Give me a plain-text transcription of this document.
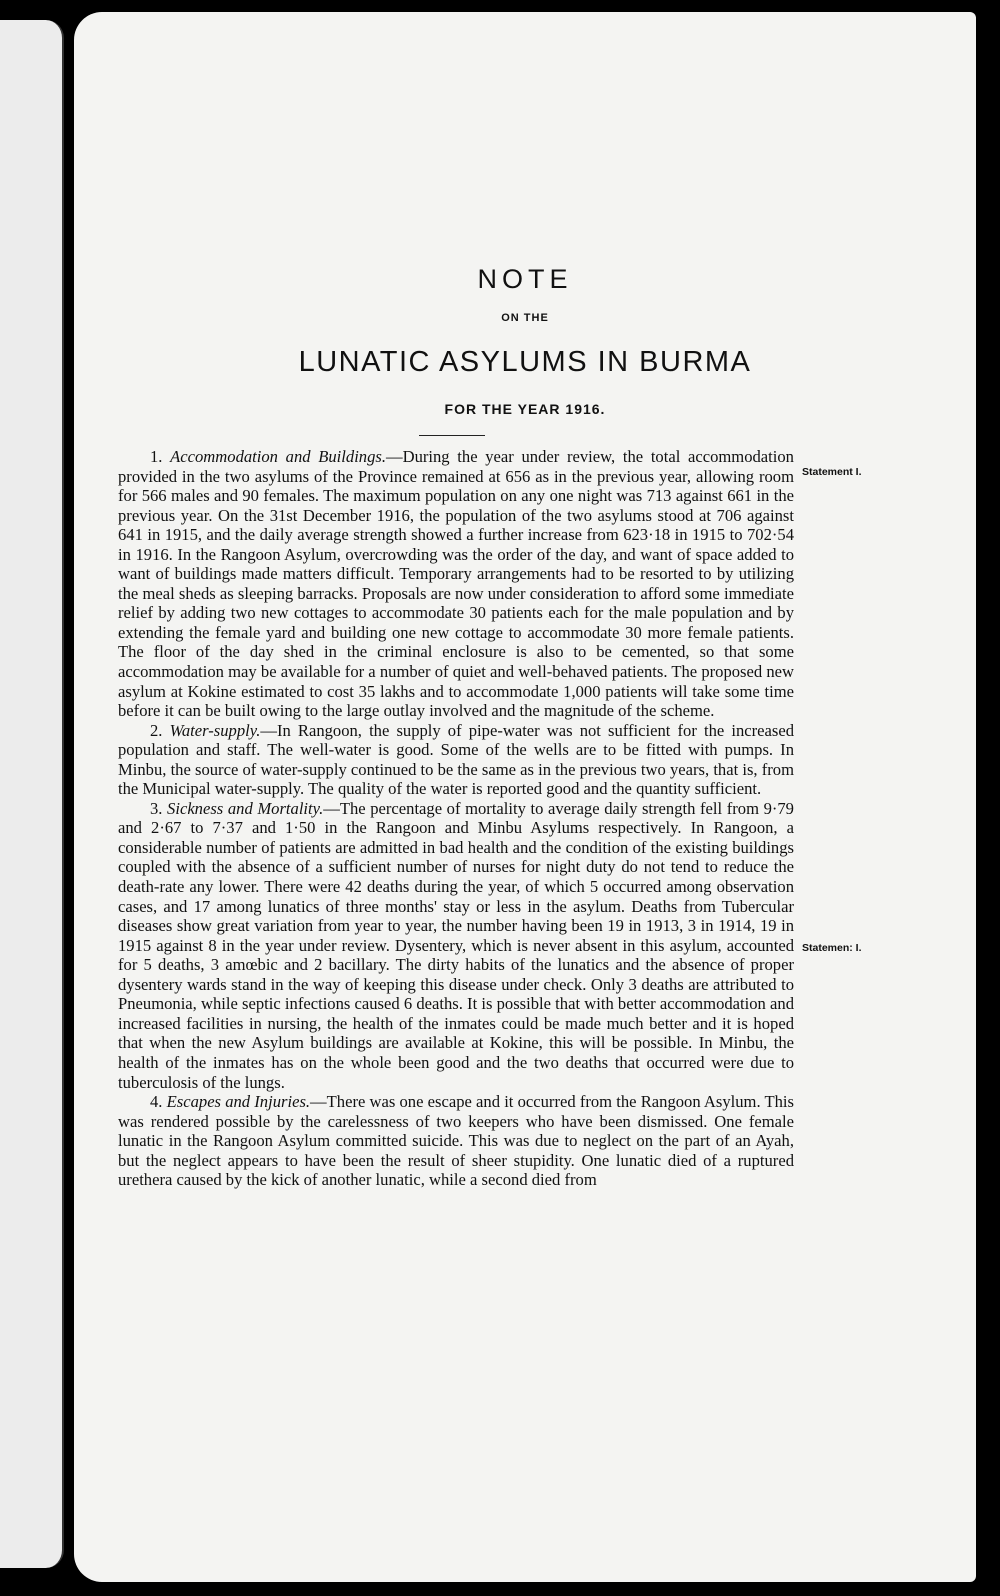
NOTE
ON THE
LUNATIC ASYLUMS IN BURMA
FOR THE YEAR 1916.
Statement I.
Statemen: I.

1. Accommodation and Buildings.—During the year under review, the total accommodation provided in the two asylums of the Province remained at 656 as in the previous year, allowing room for 566 males and 90 females. The maximum population on any one night was 713 against 661 in the previous year. On the 31st December 1916, the population of the two asylums stood at 706 against 641 in 1915, and the daily average strength showed a further increase from 623·18 in 1915 to 702·54 in 1916. In the Rangoon Asylum, overcrowding was the order of the day, and want of space added to want of buildings made matters difficult. Temporary arrangements had to be resorted to by utilizing the meal sheds as sleeping barracks. Proposals are now under consideration to afford some immediate relief by adding two new cottages to accommodate 30 patients each for the male population and by extending the female yard and building one new cottage to accommodate 30 more female patients. The floor of the day shed in the criminal enclosure is also to be cemented, so that some accommodation may be available for a number of quiet and well-behaved patients. The proposed new asylum at Kokine estimated to cost 35 lakhs and to accommodate 1,000 patients will take some time before it can be built owing to the large outlay involved and the magnitude of the scheme.

2. Water-supply.—In Rangoon, the supply of pipe-water was not sufficient for the increased population and staff. The well-water is good. Some of the wells are to be fitted with pumps. In Minbu, the source of water-supply continued to be the same as in the previous two years, that is, from the Municipal water-supply. The quality of the water is reported good and the quantity sufficient.

3. Sickness and Mortality.—The percentage of mortality to average daily strength fell from 9·79 and 2·67 to 7·37 and 1·50 in the Rangoon and Minbu Asylums respectively. In Rangoon, a considerable number of patients are admitted in bad health and the condition of the existing buildings coupled with the absence of a sufficient number of nurses for night duty do not tend to reduce the death-rate any lower. There were 42 deaths during the year, of which 5 occurred among observation cases, and 17 among lunatics of three months' stay or less in the asylum. Deaths from Tubercular diseases show great variation from year to year, the number having been 19 in 1913, 3 in 1914, 19 in 1915 against 8 in the year under review. Dysentery, which is never absent in this asylum, accounted for 5 deaths, 3 amœbic and 2 bacillary. The dirty habits of the lunatics and the absence of proper dysentery wards stand in the way of keeping this disease under check. Only 3 deaths are attributed to Pneumonia, while septic infections caused 6 deaths. It is possible that with better accommodation and increased facilities in nursing, the health of the inmates could be made much better and it is hoped that when the new Asylum buildings are available at Kokine, this will be possible. In Minbu, the health of the inmates has on the whole been good and the two deaths that occurred were due to tuberculosis of the lungs.

4. Escapes and Injuries.—There was one escape and it occurred from the Rangoon Asylum. This was rendered possible by the carelessness of two keepers who have been dismissed. One female lunatic in the Rangoon Asylum committed suicide. This was due to neglect on the part of an Ayah, but the neglect appears to have been the result of sheer stupidity. One lunatic died of a ruptured urethera caused by the kick of another lunatic, while a second died from
